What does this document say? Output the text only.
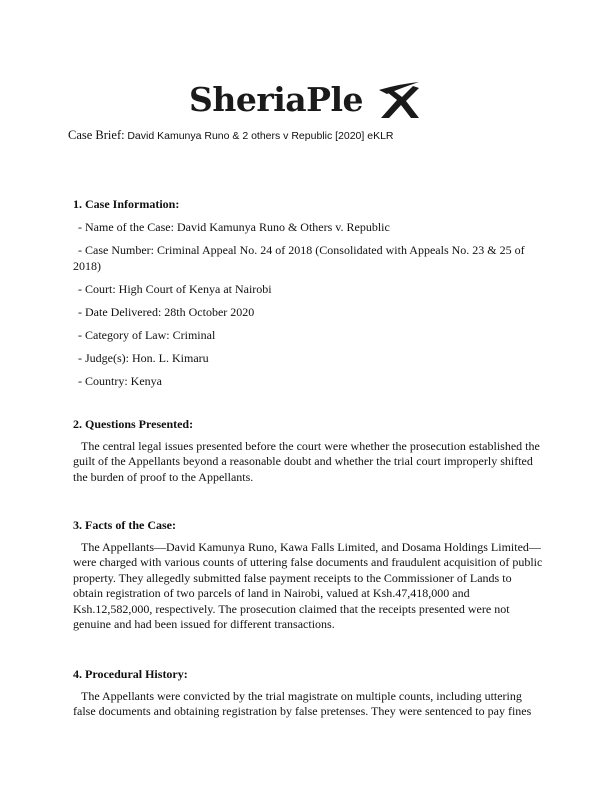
SheriaPle
Case Brief: David Kamunya Runo & 2 others v Republic [2020] eKLR
1. Case Information:
- Name of the Case: David Kamunya Runo & Others v. Republic
- Case Number: Criminal Appeal No. 24 of 2018 (Consolidated with Appeals No. 23 & 25 of 2018)
- Court: High Court of Kenya at Nairobi
- Date Delivered: 28th October 2020
- Category of Law: Criminal
- Judge(s): Hon. L. Kimaru
- Country: Kenya
2. Questions Presented:

The central legal issues presented before the court were whether the prosecution established the guilt of the Appellants beyond a reasonable doubt and whether the trial court improperly shifted the burden of proof to the Appellants.

3. Facts of the Case:

The Appellants—David Kamunya Runo, Kawa Falls Limited, and Dosama Holdings Limited—were charged with various counts of uttering false documents and fraudulent acquisition of public property. They allegedly submitted false payment receipts to the Commissioner of Lands to obtain registration of two parcels of land in Nairobi, valued at Ksh.47,418,000 and Ksh.12,582,000, respectively. The prosecution claimed that the receipts presented were not genuine and had been issued for different transactions.

4. Procedural History:

The Appellants were convicted by the trial magistrate on multiple counts, including uttering false documents and obtaining registration by false pretenses. They were sentenced to pay fines
